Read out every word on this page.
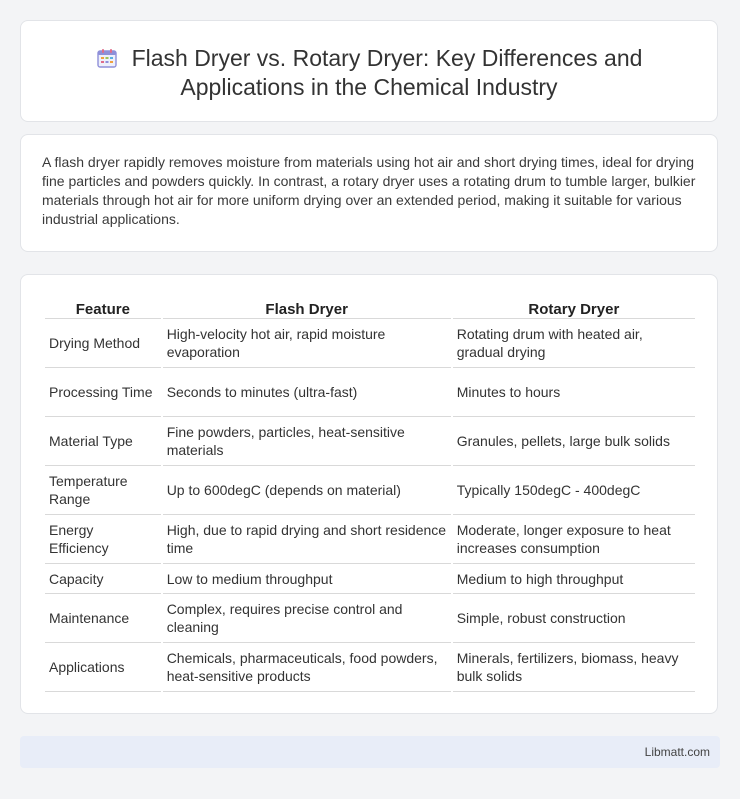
Flash Dryer vs. Rotary Dryer: Key Differences and
Applications in the Chemical Industry
A flash dryer rapidly removes moisture from materials using hot air and short drying times, ideal for drying fine particles and powders quickly. In contrast, a rotary dryer uses a rotating drum to tumble larger, bulkier materials through hot air for more uniform drying over an extended period, making it suitable for various industrial applications.
Feature	Flash Dryer	Rotary Dryer
Drying Method	High-velocity hot air, rapid moisture evaporation	Rotating drum with heated air, gradual drying
Processing Time	Seconds to minutes (ultra-fast)	Minutes to hours
Material Type	Fine powders, particles, heat-sensitive materials	Granules, pellets, large bulk solids
Temperature Range	Up to 600degC (depends on material)	Typically 150degC - 400degC
Energy Efficiency	High, due to rapid drying and short residence time	Moderate, longer exposure to heat increases consumption
Capacity	Low to medium throughput	Medium to high throughput
Maintenance	Complex, requires precise control and cleaning	Simple, robust construction
Applications	Chemicals, pharmaceuticals, food powders, heat-sensitive products	Minerals, fertilizers, biomass, heavy bulk solids
Libmatt.com
